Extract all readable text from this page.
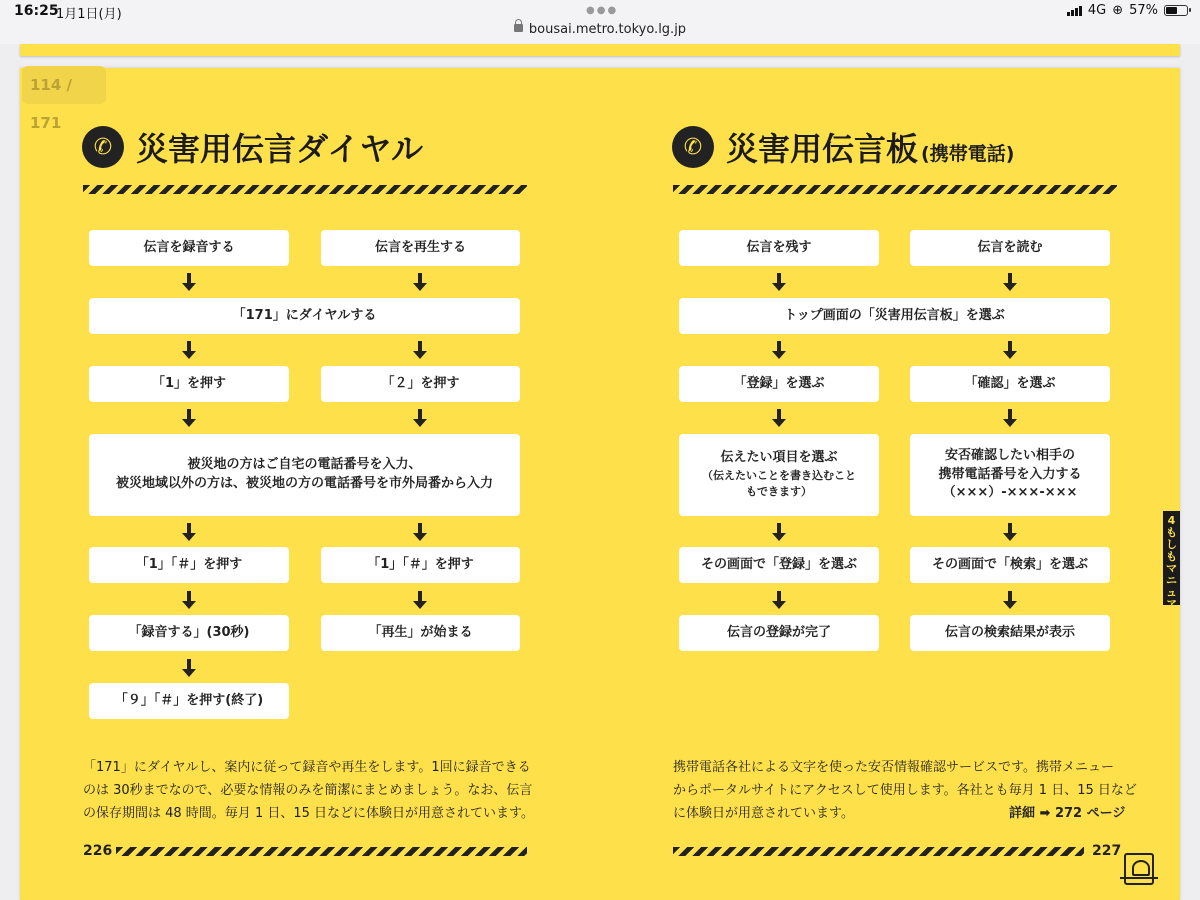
16:25
1月1日(月)	●●●
bousai.metro.tokyo.lg.jp
4G ⊕ 57%
114 / 171
✆ 災害用伝言ダイヤル
伝言を録音する	伝言を再生する
「171」にダイヤルする
「1」を押す	「２」を押す
被災地の方はご自宅の電話番号を入力、
被災地域以外の方は、被災地の方の電話番号を市外局番から入力
「1」「＃」を押す	「1」「＃」を押す
「録音する」(30秒)	「再生」が始まる
「９」「＃」を押す(終了)
「171」にダイヤルし、案内に従って録音や再生をします。1回に録音できる
のは 30秒までなので、必要な情報のみを簡潔にまとめましょう。なお、伝言
の保存期間は 48 時間。毎月 1 日、15 日などに体験日が用意されています。
226
✆ 災害用伝言板 (携帯電話)
伝言を残す	伝言を読む
トップ画面の「災害用伝言板」を選ぶ
「登録」を選ぶ	「確認」を選ぶ
伝えたい項目を選ぶ
（伝えたいことを書き込むこと
もできます）
安否確認したい相手の
携帯電話番号を入力する
（×××）-×××-×××
その画面で「登録」を選ぶ	その画面で「検索」を選ぶ
伝言の登録が完了	伝言の検索結果が表示
携帯電話各社による文字を使った安否情報確認サービスです。携帯メニュー
からポータルサイトにアクセスして使用します。各社とも毎月 1 日、15 日など
に体験日が用意されています。	詳細 ➡ 272 ページ
227
4
も
し
も
マ
ニ
ュ
ア
ル
